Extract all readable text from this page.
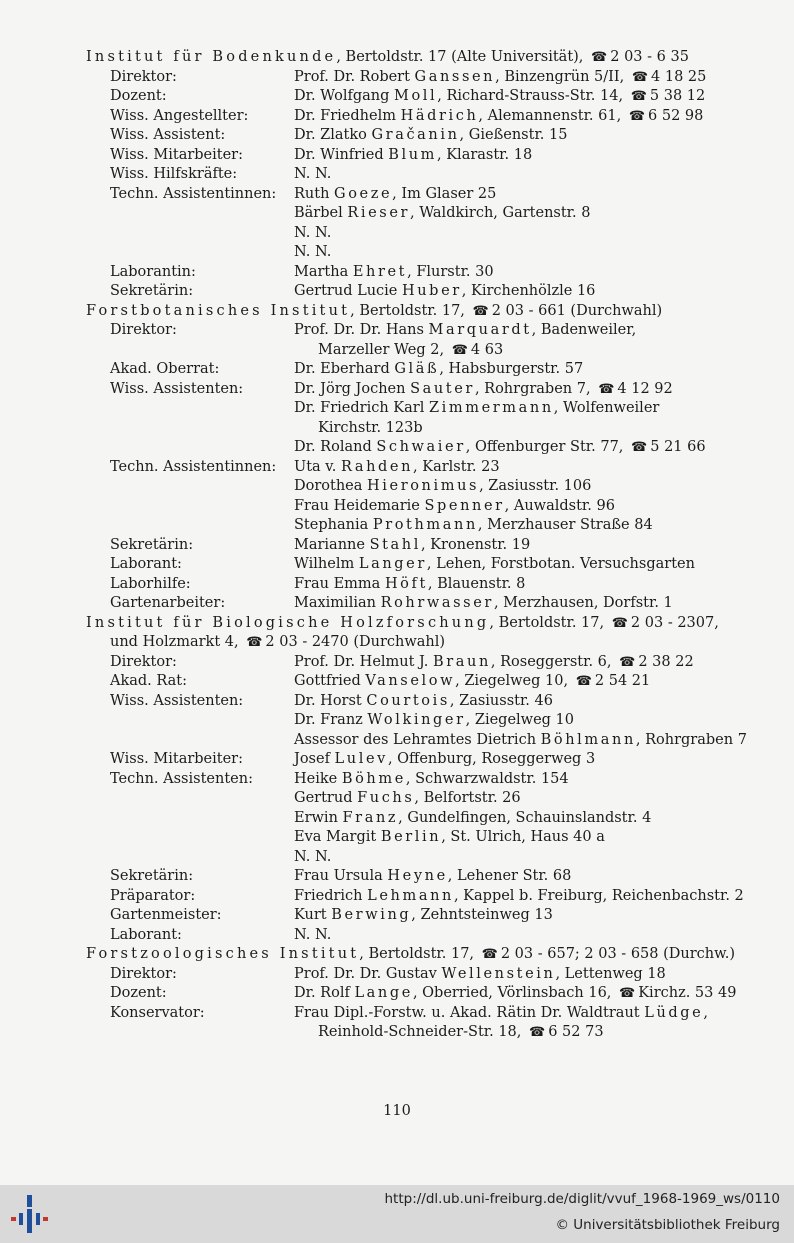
Institut für Bodenkunde, Bertoldstr. 17 (Alte Universität), ☎ 2 03 - 6 35
Direktor:	Prof. Dr. Robert Ganssen, Binzengrün 5/II, ☎ 4 18 25
Dozent:	Dr. Wolfgang Moll, Richard-Strauss-Str. 14, ☎ 5 38 12
Wiss. Angestellter:	Dr. Friedhelm Hädrich, Alemannenstr. 61, ☎ 6 52 98
Wiss. Assistent:	Dr. Zlatko Gračanin, Gießenstr. 15
Wiss. Mitarbeiter:	Dr. Winfried Blum, Klarastr. 18
Wiss. Hilfskräfte:	N. N.
Techn. Assistentinnen:	Ruth Goeze, Im Glaser 25
Bärbel Rieser, Waldkirch, Gartenstr. 8
N. N.
N. N.
Laborantin:	Martha Ehret, Flurstr. 30
Sekretärin:	Gertrud Lucie Huber, Kirchenhölzle 16
Forstbotanisches Institut, Bertoldstr. 17, ☎ 2 03 - 661 (Durchwahl)
Direktor:	Prof. Dr. Dr. Hans Marquardt, Badenweiler,
Marzeller Weg 2, ☎ 4 63
Akad. Oberrat:	Dr. Eberhard Gläß, Habsburgerstr. 57
Wiss. Assistenten:	Dr. Jörg Jochen Sauter, Rohrgraben 7, ☎ 4 12 92
Dr. Friedrich Karl Zimmermann, Wolfenweiler
Kirchstr. 123b
Dr. Roland Schwaier, Offenburger Str. 77, ☎ 5 21 66
Techn. Assistentinnen:	Uta v. Rahden, Karlstr. 23
Dorothea Hieronimus, Zasiusstr. 106
Frau Heidemarie Spenner, Auwaldstr. 96
Stephania Prothmann, Merzhauser Straße 84
Sekretärin:	Marianne Stahl, Kronenstr. 19
Laborant:	Wilhelm Langer, Lehen, Forstbotan. Versuchsgarten
Laborhilfe:	Frau Emma Höft, Blauenstr. 8
Gartenarbeiter:	Maximilian Rohrwasser, Merzhausen, Dorfstr. 1
Institut für Biologische Holzforschung, Bertoldstr. 17, ☎ 2 03 - 2307,
und Holzmarkt 4, ☎ 2 03 - 2470 (Durchwahl)
Direktor:	Prof. Dr. Helmut J. Braun, Roseggerstr. 6, ☎ 2 38 22
Akad. Rat:	Gottfried Vanselow, Ziegelweg 10, ☎ 2 54 21
Wiss. Assistenten:	Dr. Horst Courtois, Zasiusstr. 46
Dr. Franz Wolkinger, Ziegelweg 10
Assessor des Lehramtes Dietrich Böhlmann, Rohrgraben 7
Wiss. Mitarbeiter:	Josef Lulev, Offenburg, Roseggerweg 3
Techn. Assistenten:	Heike Böhme, Schwarzwaldstr. 154
Gertrud Fuchs, Belfortstr. 26
Erwin Franz, Gundelfingen, Schauinslandstr. 4
Eva Margit Berlin, St. Ulrich, Haus 40 a
N. N.
Sekretärin:	Frau Ursula Heyne, Lehener Str. 68
Präparator:	Friedrich Lehmann, Kappel b. Freiburg, Reichenbachstr. 2
Gartenmeister:	Kurt Berwing, Zehntsteinweg 13
Laborant:	N. N.
Forstzoologisches Institut, Bertoldstr. 17, ☎ 2 03 - 657; 2 03 - 658 (Durchw.)
Direktor:	Prof. Dr. Dr. Gustav Wellenstein, Lettenweg 18
Dozent:	Dr. Rolf Lange, Oberried, Vörlinsbach 16, ☎ Kirchz. 53 49
Konservator:	Frau Dipl.-Forstw. u. Akad. Rätin Dr. Waldtraut Lüdge,
Reinhold-Schneider-Str. 18, ☎ 6 52 73
110
http://dl.ub.uni-freiburg.de/diglit/vvuf_1968-1969_ws/0110
© Universitätsbibliothek Freiburg
